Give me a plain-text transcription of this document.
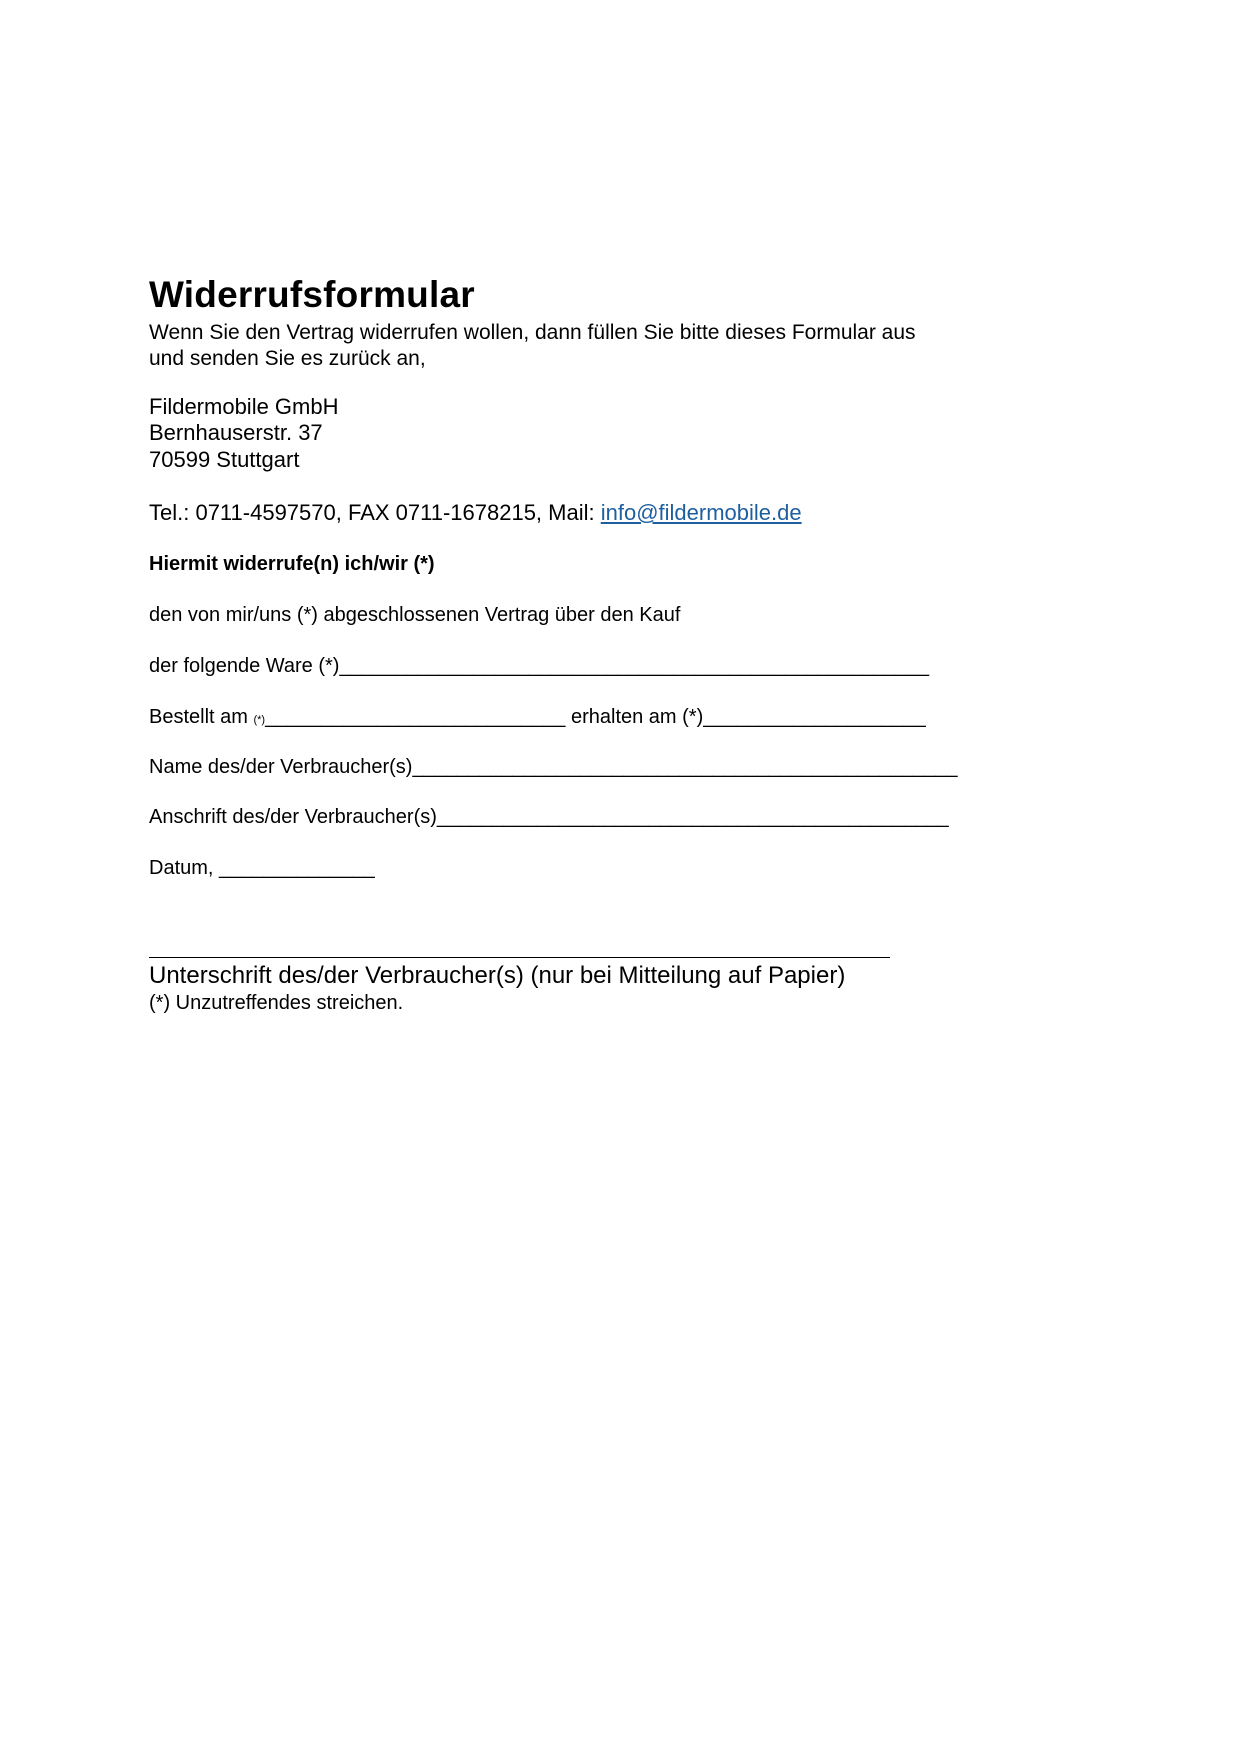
Widerrufsformular
Wenn Sie den Vertrag widerrufen wollen, dann füllen Sie bitte dieses Formular aus
und senden Sie es zurück an,
Fildermobile GmbH
Bernhauserstr. 37
70599 Stuttgart
Tel.: 0711-4597570, FAX 0711-1678215, Mail: info@fildermobile.de
Hiermit widerrufe(n) ich/wir (*)
den von mir/uns (*) abgeschlossenen Vertrag über den Kauf
der folgende Ware (*)_____________________________________________________
Bestellt am (*)___________________________ erhalten am (*)____________________
Name des/der Verbraucher(s)_________________________________________________
Anschrift des/der Verbraucher(s)______________________________________________
Datum, ______________
Unterschrift des/der Verbraucher(s) (nur bei Mitteilung auf Papier)
(*) Unzutreffendes streichen.
